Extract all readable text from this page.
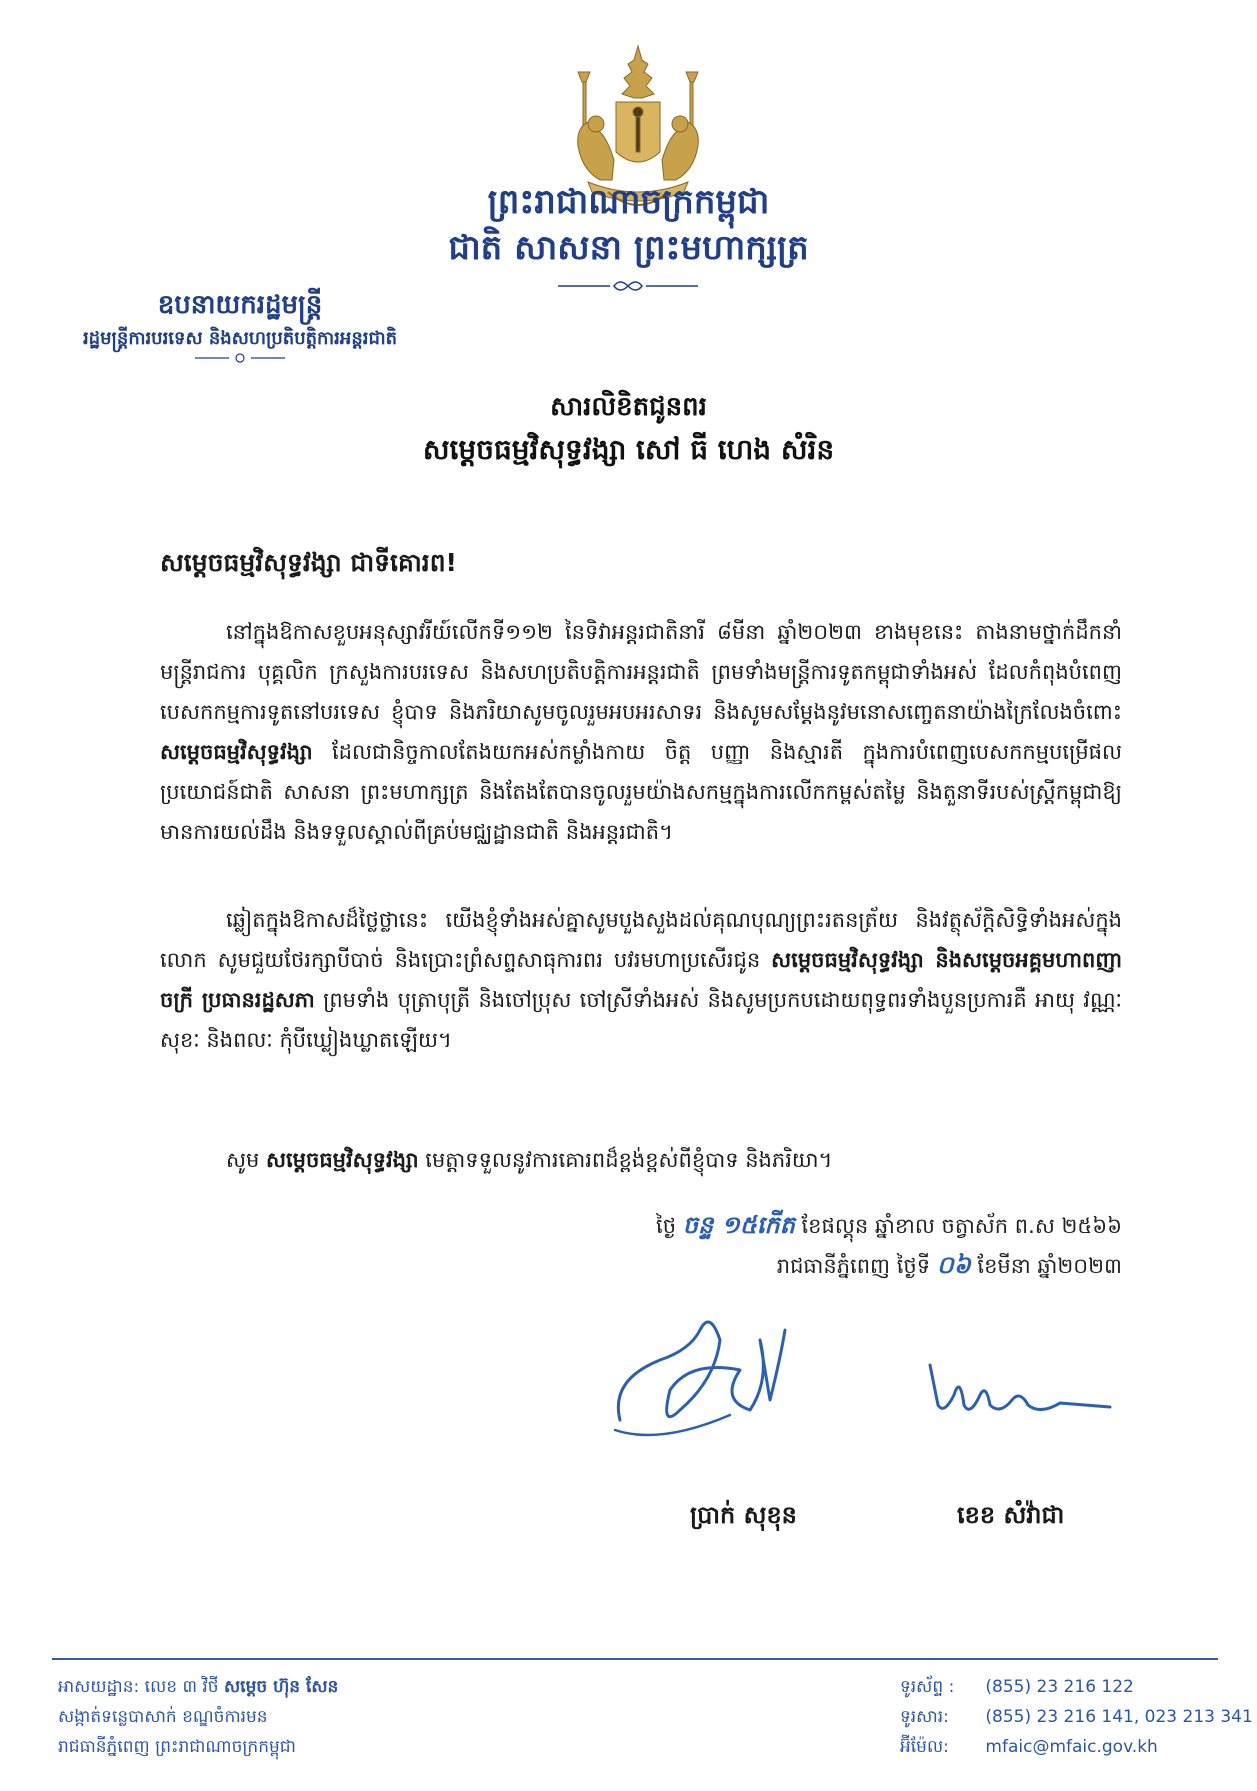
ព្រះរាជាណាចក្រកម្ពុជា
ជាតិ សាសនា ព្រះមហាក្សត្រ
ឧបនាយករដ្ឋមន្ត្រី
រដ្ឋមន្ត្រីការបរទេស និងសហប្រតិបត្តិការអន្តរជាតិ
សារលិខិតជូនពរ
សម្តេចធម្មវិសុទ្ធវង្សា សៅ ធី ហេង សំរិន
សម្តេចធម្មវិសុទ្ធវង្សា ជាទីគោរព!

នៅក្នុងឱកាសខួបអនុស្សាវរីយ៍លើកទី១១២ នៃទិវាអន្តរជាតិនារី ៨មីនា ឆ្នាំ២០២៣ ខាងមុខនេះ តាងនាមថ្នាក់ដឹកនាំ មន្ត្រីរាជការ បុគ្គលិក ក្រសួងការបរទេស និងសហប្រតិបត្តិការអន្តរជាតិ ព្រមទាំងមន្ត្រីការទូតកម្ពុជាទាំងអស់ ដែលកំពុងបំពេញបេសកកម្មការទូតនៅបរទេស ខ្ញុំបាទ និងភរិយាសូមចូលរួមអបអរសាទរ និងសូមសម្តែងនូវមនោសញ្ចេតនាយ៉ាងក្រៃលែងចំពោះ សម្តេចធម្មវិសុទ្ធវង្សា ដែលជានិច្ចកាលតែងយកអស់កម្លាំងកាយ ចិត្ត បញ្ញា និងស្មារតី ក្នុងការបំពេញបេសកកម្មបម្រើផលប្រយោជន៍ជាតិ សាសនា ព្រះមហាក្សត្រ និងតែងតែបានចូលរួមយ៉ាងសកម្មក្នុងការលើកកម្ពស់តម្លៃ និងតួនាទីរបស់ស្ត្រីកម្ពុជាឱ្យមានការយល់ដឹង និងទទួលស្គាល់ពីគ្រប់មជ្ឈដ្ឋានជាតិ និងអន្តរជាតិ។

ឆ្លៀតក្នុងឱកាសដ៏ថ្លៃថ្លានេះ យើងខ្ញុំទាំងអស់គ្នាសូមបួងសួងដល់គុណបុណ្យព្រះរតនត្រ័យ និងវត្ថុស័ក្តិសិទ្ធិទាំងអស់ក្នុងលោក សូមជួយថែរក្សាបីបាច់ និងប្រោះព្រំសព្ទសាធុការពរ បវរមហាប្រសើរជូន សម្តេចធម្មវិសុទ្ធវង្សា និងសម្តេចអគ្គមហាពញាចក្រី ប្រធានរដ្ឋសភា ព្រមទាំង បុត្រាបុត្រី និងចៅប្រុស ចៅស្រីទាំងអស់ និងសូមប្រកបដោយពុទ្ធពរទាំងបួនប្រការគឺ អាយុ វណ្ណៈ សុខៈ និងពលៈ កុំបីឃ្លៀងឃ្លាតឡើយ។

សូម សម្តេចធម្មវិសុទ្ធវង្សា មេត្តាទទួលនូវការគោរពដ៏ខ្ពង់ខ្ពស់ពីខ្ញុំបាទ និងភរិយា។
ថ្ងៃ ចន្ទ ១៥កើត ខែផល្គុន ឆ្នាំខាល ចត្វាស័ក ព.ស ២៥៦៦
រាជធានីភ្នំពេញ ថ្ងៃទី ០៦ ខែមីនា ឆ្នាំ២០២៣
ប្រាក់ សុខុន	ខេខ សំវ៉ាជា
អាសយដ្ឋាន: លេខ ៣ វិថី សម្តេច ហ៊ុន សែន
សង្កាត់ទន្លេបាសាក់ ខណ្ឌចំការមន
រាជធានីភ្នំពេញ ព្រះរាជាណាចក្រកម្ពុជា
ទូរស័ព្ទ : (855) 23 216 122
ទូរសារ: (855) 23 216 141, 023 213 341
អ៊ីម៉ែល: mfaic@mfaic.gov.kh
